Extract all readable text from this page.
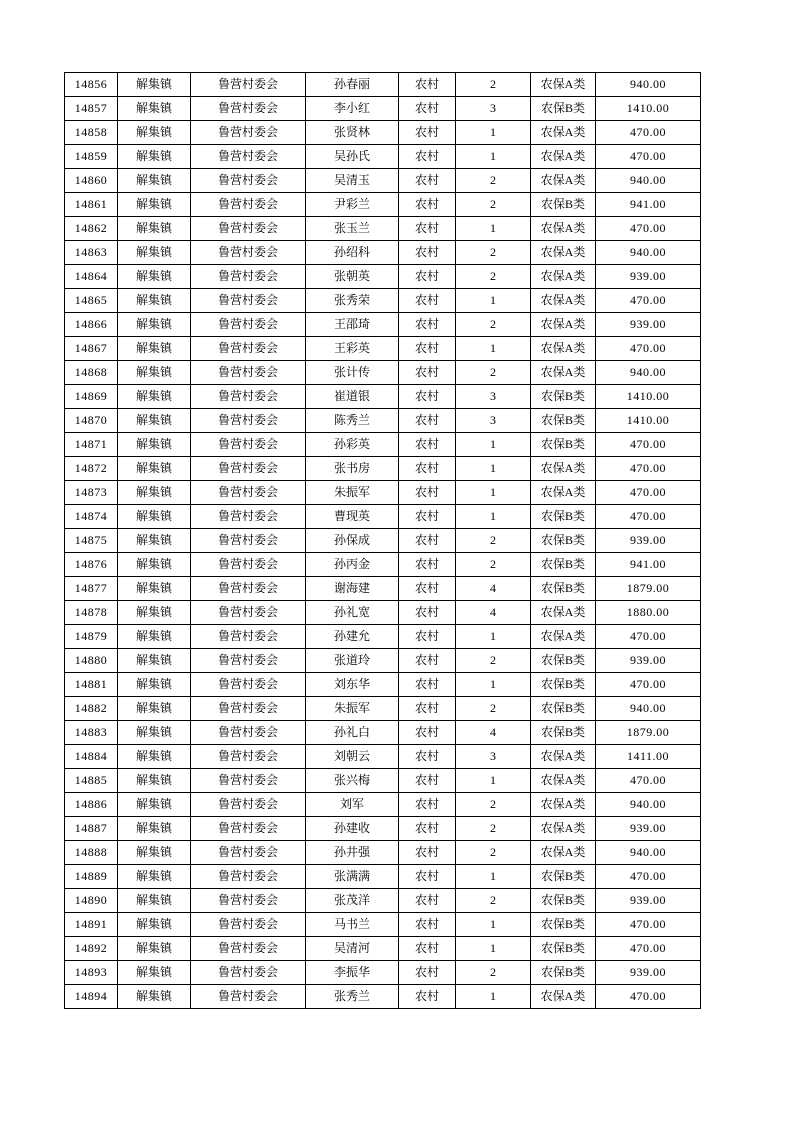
14856	解集镇	鲁营村委会	孙春丽	农村	2	农保A类	940.00
14857	解集镇	鲁营村委会	李小红	农村	3	农保B类	1410.00
14858	解集镇	鲁营村委会	张贤林	农村	1	农保A类	470.00
14859	解集镇	鲁营村委会	吴孙氏	农村	1	农保A类	470.00
14860	解集镇	鲁营村委会	吴清玉	农村	2	农保A类	940.00
14861	解集镇	鲁营村委会	尹彩兰	农村	2	农保B类	941.00
14862	解集镇	鲁营村委会	张玉兰	农村	1	农保A类	470.00
14863	解集镇	鲁营村委会	孙绍科	农村	2	农保A类	940.00
14864	解集镇	鲁营村委会	张朝英	农村	2	农保A类	939.00
14865	解集镇	鲁营村委会	张秀荣	农村	1	农保A类	470.00
14866	解集镇	鲁营村委会	王邵琦	农村	2	农保A类	939.00
14867	解集镇	鲁营村委会	王彩英	农村	1	农保A类	470.00
14868	解集镇	鲁营村委会	张计传	农村	2	农保A类	940.00
14869	解集镇	鲁营村委会	崔道银	农村	3	农保B类	1410.00
14870	解集镇	鲁营村委会	陈秀兰	农村	3	农保B类	1410.00
14871	解集镇	鲁营村委会	孙彩英	农村	1	农保B类	470.00
14872	解集镇	鲁营村委会	张书房	农村	1	农保A类	470.00
14873	解集镇	鲁营村委会	朱振军	农村	1	农保A类	470.00
14874	解集镇	鲁营村委会	曹现英	农村	1	农保B类	470.00
14875	解集镇	鲁营村委会	孙保成	农村	2	农保B类	939.00
14876	解集镇	鲁营村委会	孙丙金	农村	2	农保B类	941.00
14877	解集镇	鲁营村委会	谢海建	农村	4	农保B类	1879.00
14878	解集镇	鲁营村委会	孙礼宽	农村	4	农保A类	1880.00
14879	解集镇	鲁营村委会	孙建允	农村	1	农保A类	470.00
14880	解集镇	鲁营村委会	张道玲	农村	2	农保B类	939.00
14881	解集镇	鲁营村委会	刘东华	农村	1	农保B类	470.00
14882	解集镇	鲁营村委会	朱振军	农村	2	农保B类	940.00
14883	解集镇	鲁营村委会	孙礼白	农村	4	农保B类	1879.00
14884	解集镇	鲁营村委会	刘朝云	农村	3	农保A类	1411.00
14885	解集镇	鲁营村委会	张兴梅	农村	1	农保A类	470.00
14886	解集镇	鲁营村委会	刘军	农村	2	农保A类	940.00
14887	解集镇	鲁营村委会	孙建收	农村	2	农保A类	939.00
14888	解集镇	鲁营村委会	孙井强	农村	2	农保A类	940.00
14889	解集镇	鲁营村委会	张满满	农村	1	农保B类	470.00
14890	解集镇	鲁营村委会	张茂洋	农村	2	农保B类	939.00
14891	解集镇	鲁营村委会	马书兰	农村	1	农保B类	470.00
14892	解集镇	鲁营村委会	吴清河	农村	1	农保B类	470.00
14893	解集镇	鲁营村委会	李振华	农村	2	农保B类	939.00
14894	解集镇	鲁营村委会	张秀兰	农村	1	农保A类	470.00
